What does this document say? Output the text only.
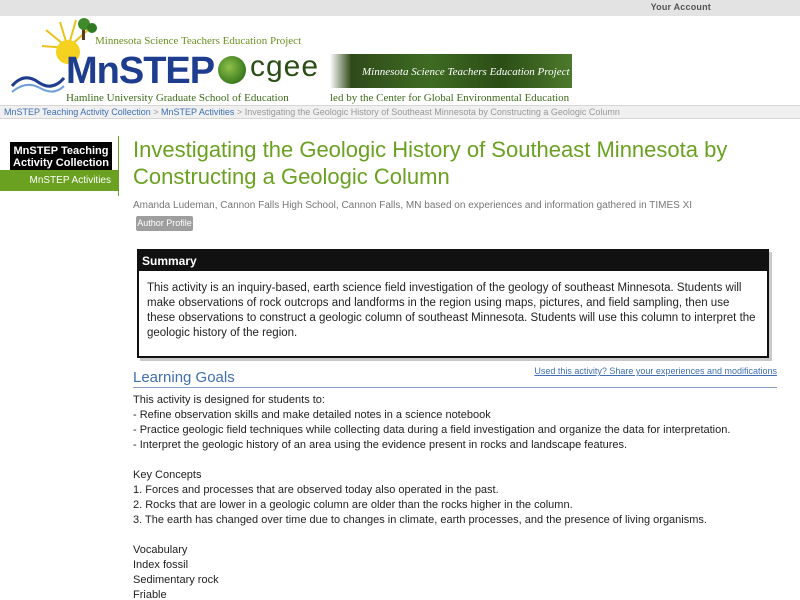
Your Account
Minnesota Science Teachers Education Project
MnSTEP
Hamline University Graduate School of Education
cgee	Minnesota Science Teachers Education Project
led by the Center for Global Environmental Education
MnSTEP Teaching Activity Collection > MnSTEP Activities > Investigating the Geologic History of Southeast Minnesota by Constructing a Geologic Column
MnSTEP Teaching Activity Collection
MnSTEP Activities
Investigating the Geologic History of Southeast Minnesota by Constructing a Geologic Column
Amanda Ludeman, Cannon Falls High School, Cannon Falls, MN based on experiences and information gathered in TIMES XI
Author Profile
Summary
This activity is an inquiry-based, earth science field investigation of the geology of southeast Minnesota. Students will make observations of rock outcrops and landforms in the region using maps, pictures, and field sampling, then use these observations to construct a geologic column of southeast Minnesota. Students will use this column to interpret the geologic history of the region.
Learning Goals	Used this activity? Share your experiences and modifications

This activity is designed for students to:

- Refine observation skills and make detailed notes in a science notebook

- Practice geologic field techniques while collecting data during a field investigation and organize the data for interpretation.

- Interpret the geologic history of an area using the evidence present in rocks and landscape features.

Key Concepts

1. Forces and processes that are observed today also operated in the past.

2. Rocks that are lower in a geologic column are older than the rocks higher in the column.

3. The earth has changed over time due to changes in climate, earth processes, and the presence of living organisms.

Vocabulary

Index fossil

Sedimentary rock

Friable
